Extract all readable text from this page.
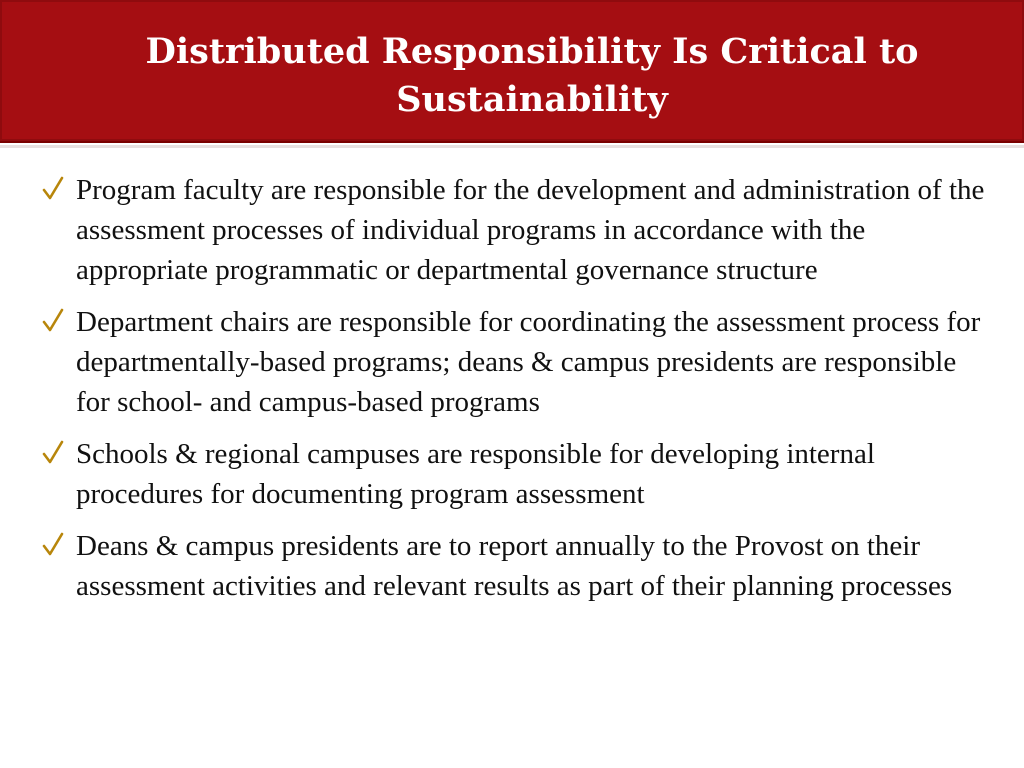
Distributed Responsibility Is Critical to Sustainability
Program faculty are responsible for the development and administration of the assessment processes of individual programs in accordance with the appropriate programmatic or departmental governance structure
Department chairs are responsible for coordinating the assessment process for departmentally-based programs; deans & campus presidents are responsible for school- and campus-based programs
Schools & regional campuses are responsible for developing internal procedures for documenting program assessment
Deans & campus presidents are to report annually to the Provost on their assessment activities and relevant results as part of their planning processes
